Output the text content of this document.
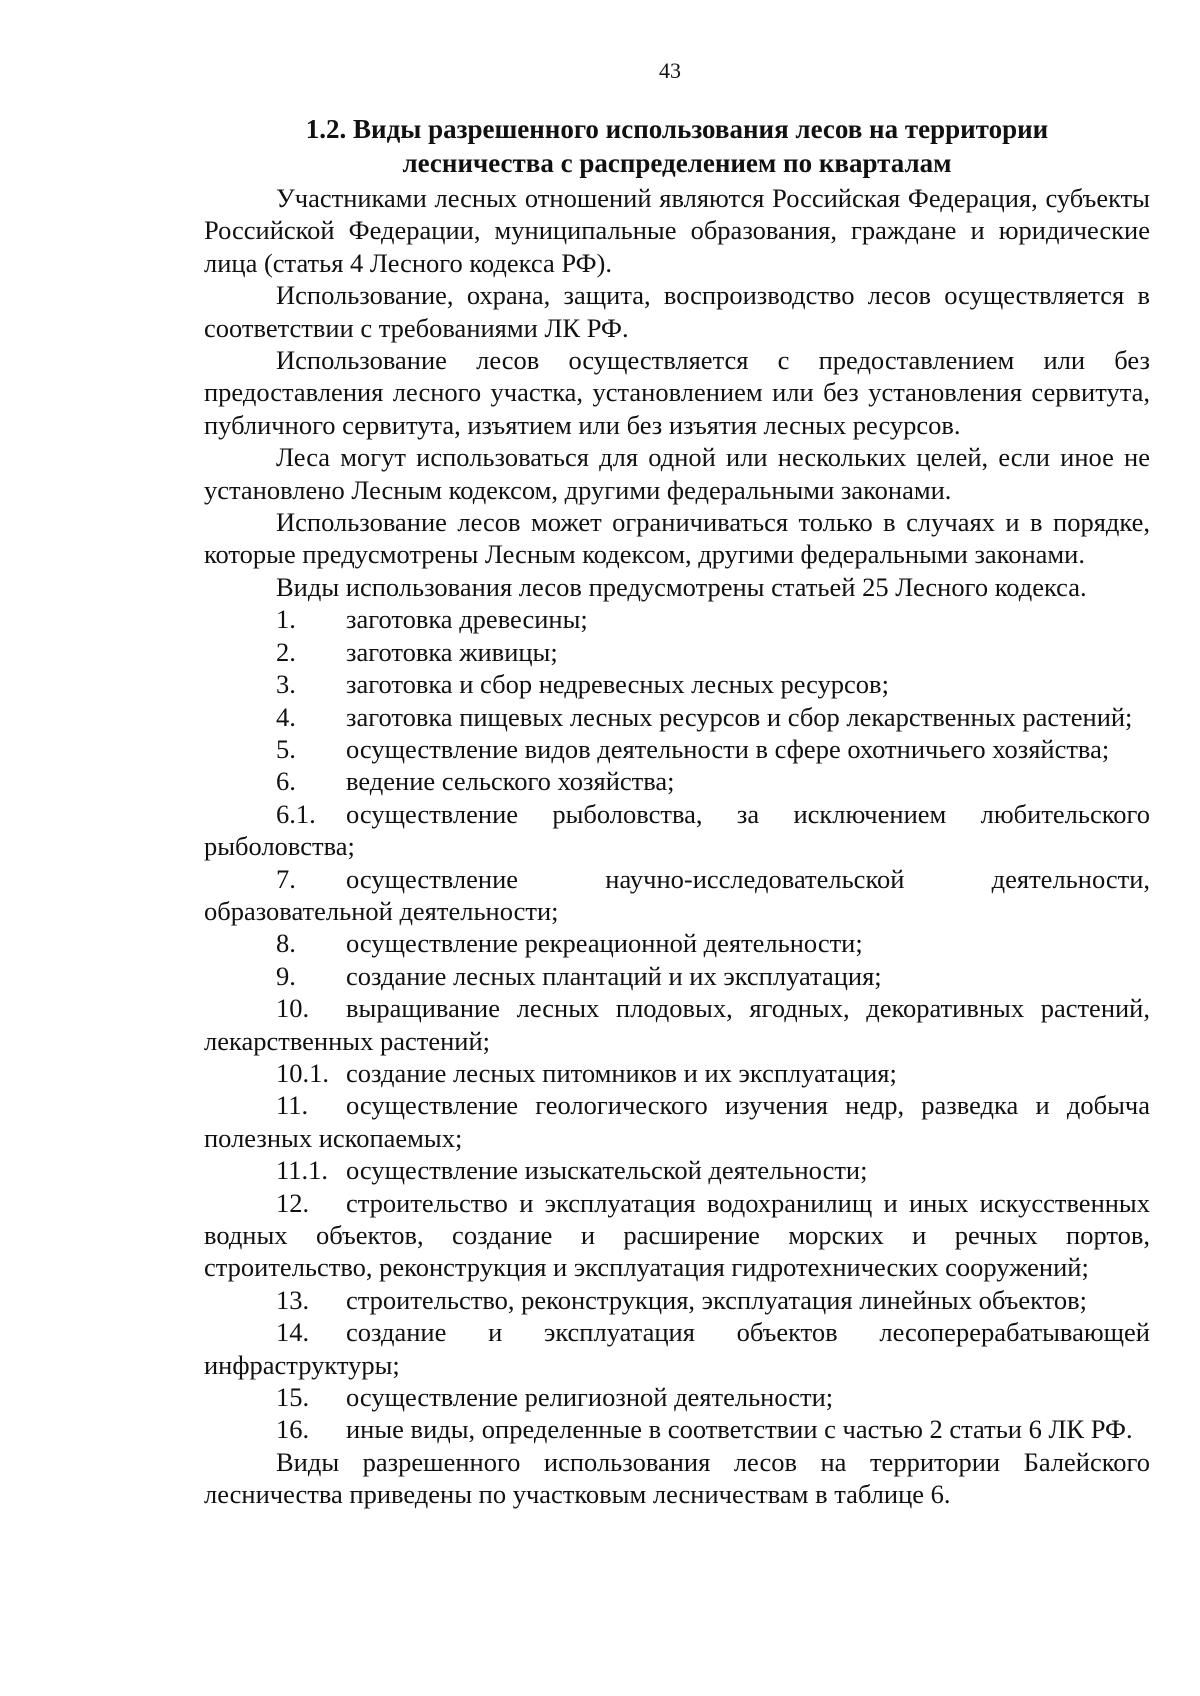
43
1.2. Виды разрешенного использования лесов на территории
лесничества с распределением по кварталам

Участниками лесных отношений являются Российская Федерация, субъекты Российской Федерации, муниципальные образования, граждане и юридические лица (статья 4 Лесного кодекса РФ).

Использование, охрана, защита, воспроизводство лесов осуществляется в соответствии с требованиями ЛК РФ.

Использование лесов осуществляется с предоставлением или без предоставления лесного участка, установлением или без установления сервитута, публичного сервитута, изъятием или без изъятия лесных ресурсов.

Леса могут использоваться для одной или нескольких целей, если иное не установлено Лесным кодексом, другими федеральными законами.

Использование лесов может ограничиваться только в случаях и в порядке, которые предусмотрены Лесным кодексом, другими федеральными законами.

Виды использования лесов предусмотрены статьей 25 Лесного кодекса.

1. заготовка древесины;
2. заготовка живицы;
3. заготовка и сбор недревесных лесных ресурсов;
4. заготовка пищевых лесных ресурсов и сбор лекарственных растений;
5. осуществление видов деятельности в сфере охотничьего хозяйства;
6. ведение сельского хозяйства;
6.1. осуществление рыболовства, за исключением любительского рыболовства;
7. осуществление научно-исследовательской деятельности, образовательной деятельности;
8. осуществление рекреационной деятельности;
9. создание лесных плантаций и их эксплуатация;
10. выращивание лесных плодовых, ягодных, декоративных растений, лекарственных растений;
10.1. создание лесных питомников и их эксплуатация;
11. осуществление геологического изучения недр, разведка и добыча полезных ископаемых;
11.1. осуществление изыскательской деятельности;
12. строительство и эксплуатация водохранилищ и иных искусственных водных объектов, создание и расширение морских и речных портов, строительство, реконструкция и эксплуатация гидротехнических сооружений;
13. строительство, реконструкция, эксплуатация линейных объектов;
14. создание и эксплуатация объектов лесоперерабатывающей инфраструктуры;
15. осуществление религиозной деятельности;
16. иные виды, определенные в соответствии с частью 2 статьи 6 ЛК РФ.

Виды разрешенного использования лесов на территории Балейского лесничества приведены по участковым лесничествам в таблице 6.
